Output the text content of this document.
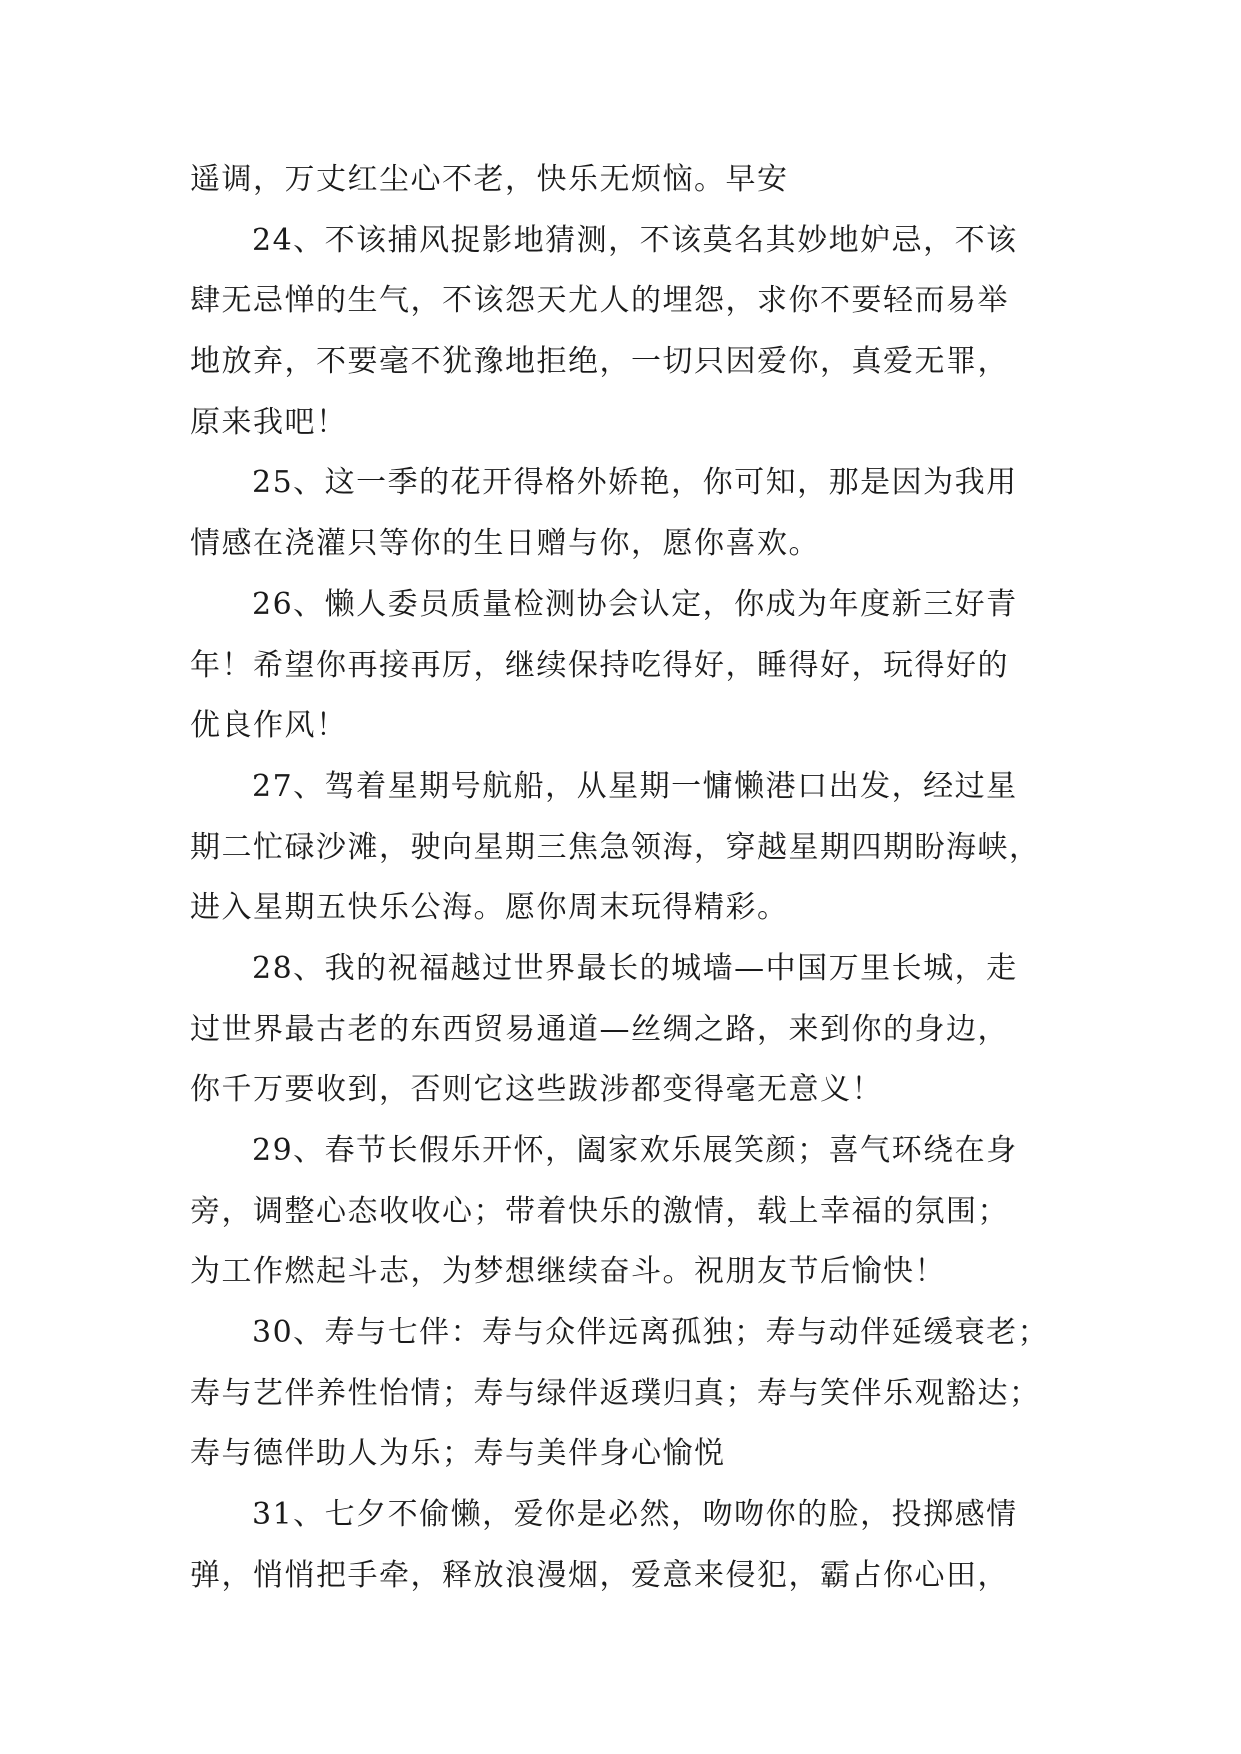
遥调，万丈红尘心不老，快乐无烦恼。早安
24、不该捕风捉影地猜测，不该莫名其妙地妒忌，不该
肆无忌惮的生气，不该怨天尤人的埋怨，求你不要轻而易举
地放弃，不要毫不犹豫地拒绝，一切只因爱你，真爱无罪，
原来我吧！
25、这一季的花开得格外娇艳，你可知，那是因为我用
情感在浇灌只等你的生日赠与你，愿你喜欢。
26、懒人委员质量检测协会认定，你成为年度新三好青
年！希望你再接再厉，继续保持吃得好，睡得好，玩得好的
优良作风！
27、驾着星期号航船，从星期一慵懒港口出发，经过星
期二忙碌沙滩，驶向星期三焦急领海，穿越星期四期盼海峡，
进入星期五快乐公海。愿你周末玩得精彩。
28、我的祝福越过世界最长的城墙—中国万里长城，走
过世界最古老的东西贸易通道—丝绸之路，来到你的身边，
你千万要收到，否则它这些跋涉都变得毫无意义！
29、春节长假乐开怀，阖家欢乐展笑颜；喜气环绕在身
旁，调整心态收收心；带着快乐的激情，载上幸福的氛围；
为工作燃起斗志，为梦想继续奋斗。祝朋友节后愉快！
30、寿与七伴：寿与众伴远离孤独；寿与动伴延缓衰老；
寿与艺伴养性怡情；寿与绿伴返璞归真；寿与笑伴乐观豁达；
寿与德伴助人为乐；寿与美伴身心愉悦
31、七夕不偷懒，爱你是必然，吻吻你的脸，投掷感情
弹，悄悄把手牵，释放浪漫烟，爱意来侵犯，霸占你心田，
